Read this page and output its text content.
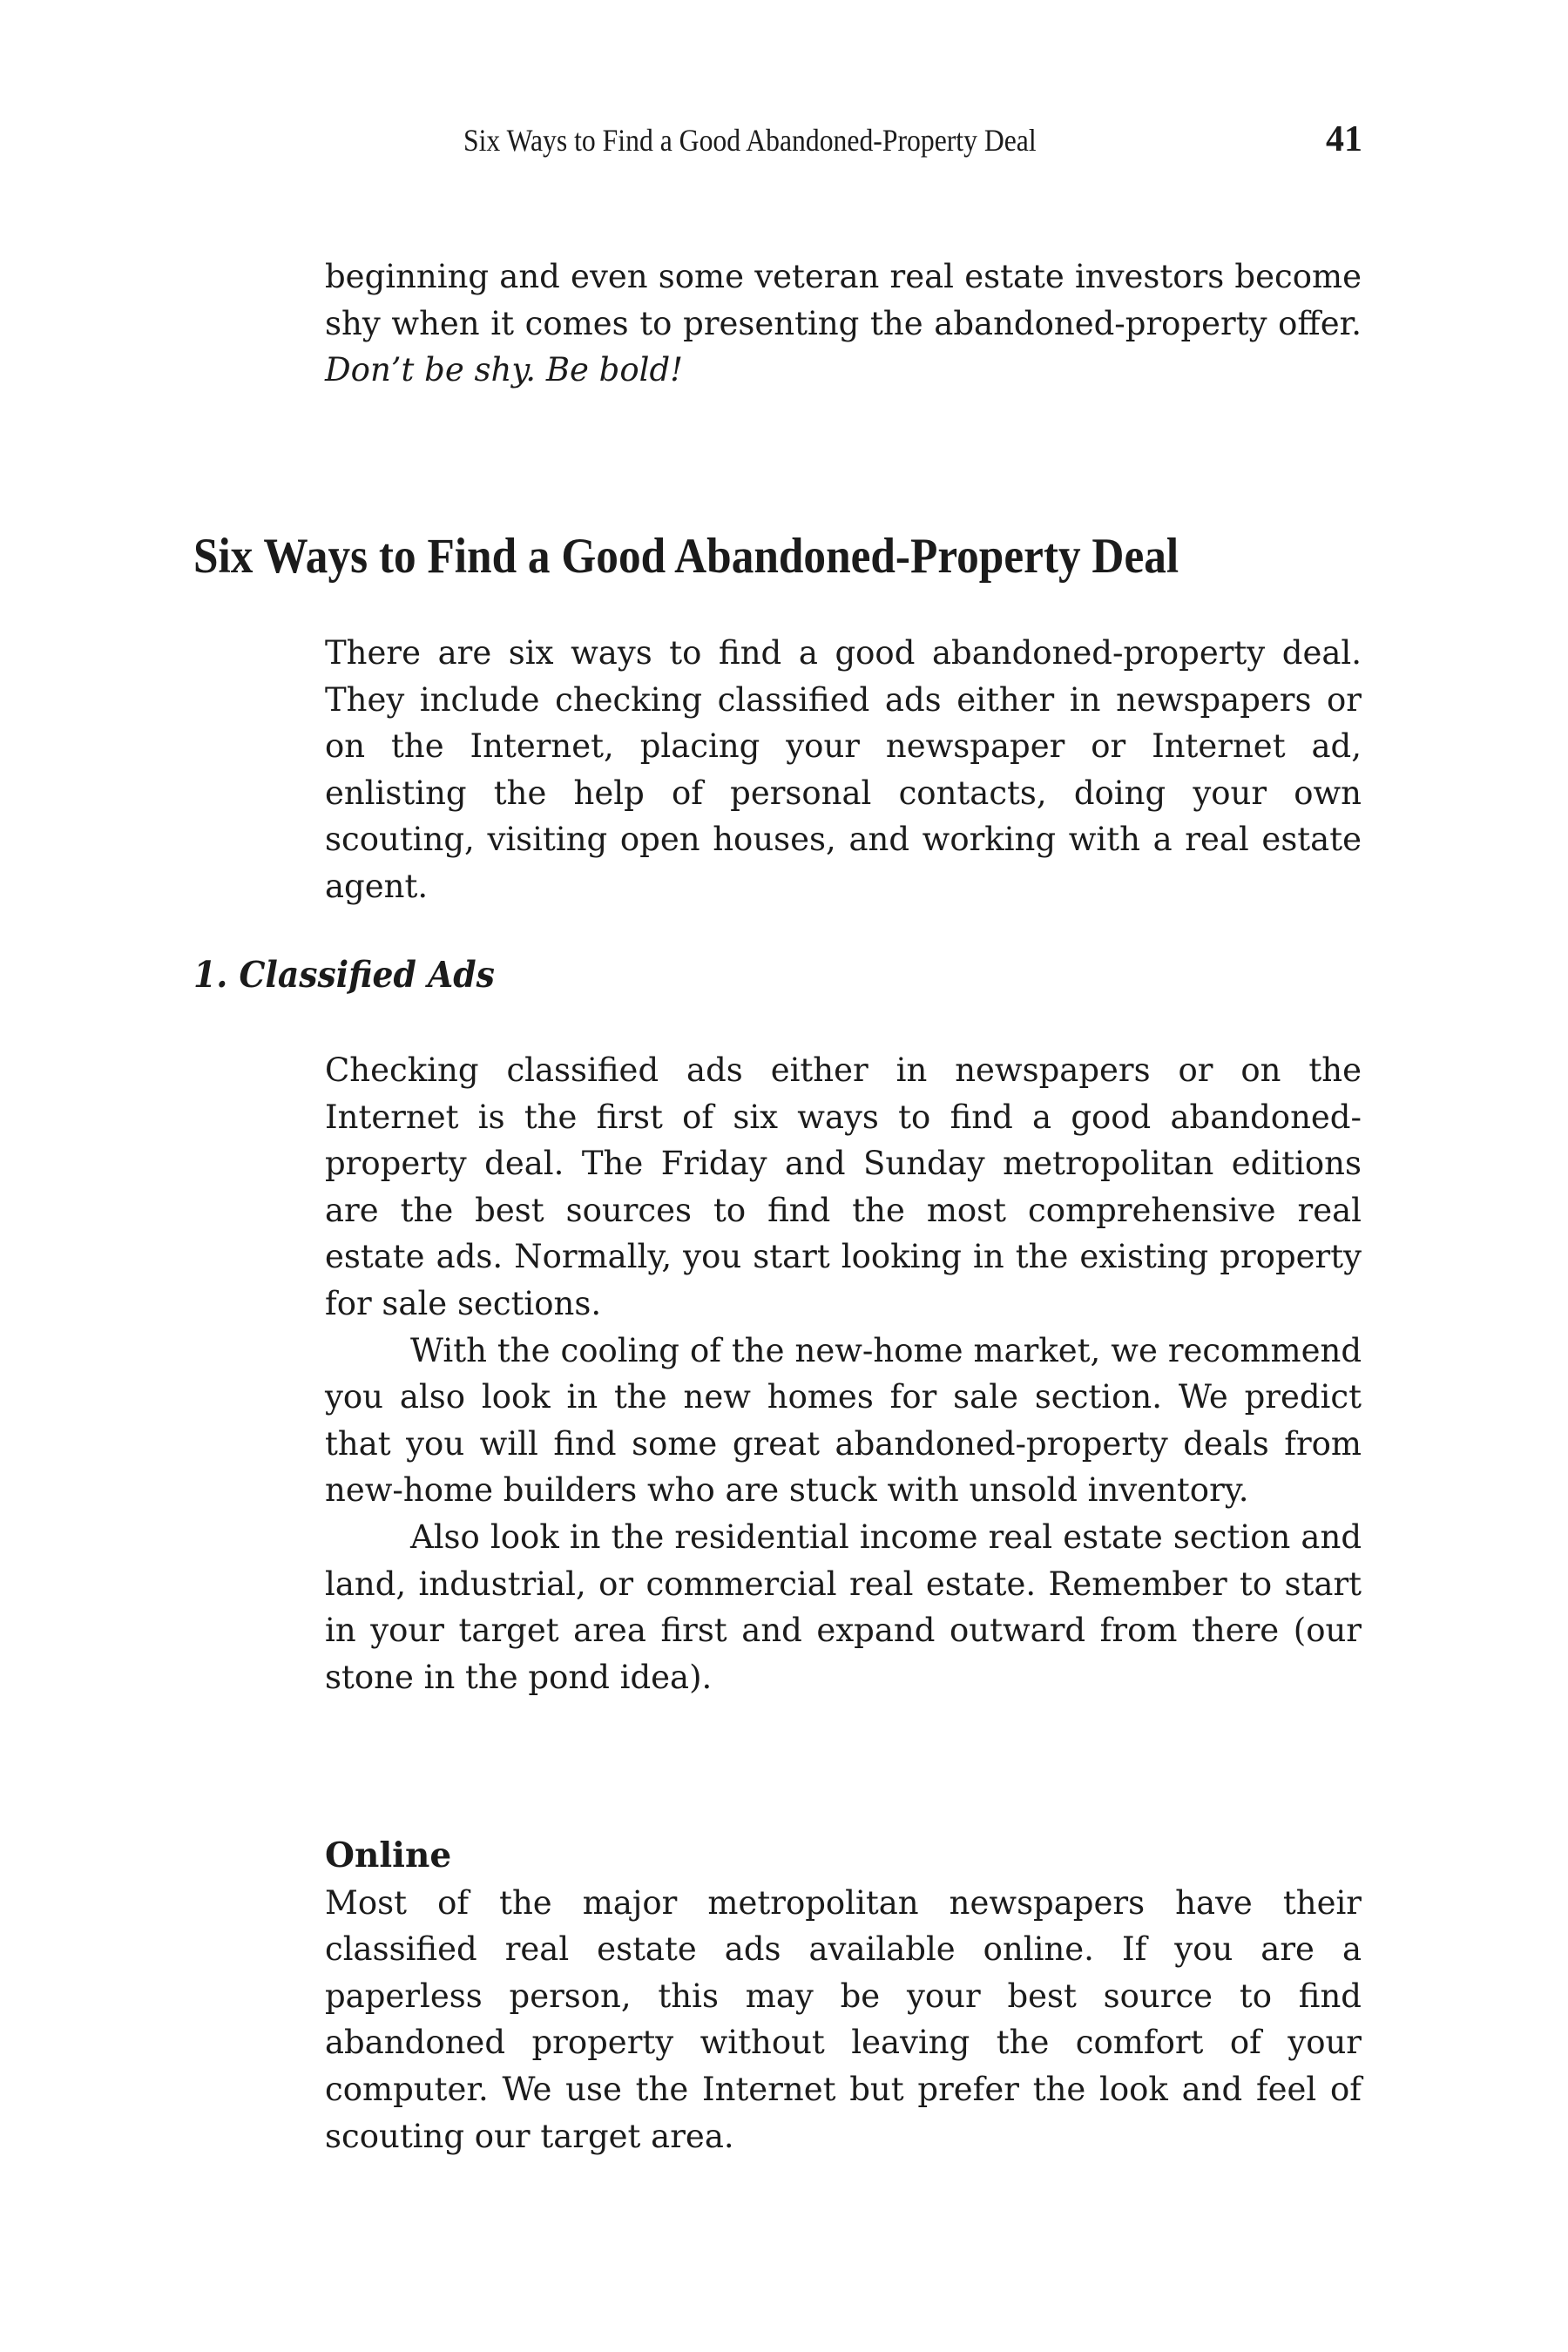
Six Ways to Find a Good Abandoned-Property Deal	41

beginning and even some veteran real estate investors become shy when it comes to presenting the abandoned-property offer. Don’t be shy. Be bold!

Six Ways to Find a Good Abandoned-Property Deal

There are six ways to find a good abandoned-property deal. They include checking classified ads either in newspapers or on the Internet, placing your newspaper or Internet ad, enlisting the help of personal contacts, doing your own scouting, visiting open houses, and working with a real estate agent.

1. Classified Ads

Checking classified ads either in newspapers or on the Internet is the first of six ways to find a good abandoned-property deal. The Friday and Sunday metropolitan editions are the best sources to find the most comprehensive real estate ads. Normally, you start looking in the existing property for sale sections.

With the cooling of the new-home market, we recommend you also look in the new homes for sale section. We predict that you will find some great abandoned-property deals from new-home builders who are stuck with unsold inventory.

Also look in the residential income real estate section and land, industrial, or commercial real estate. Remember to start in your target area first and expand outward from there (our stone in the pond idea).

Online

Most of the major metropolitan newspapers have their classified real estate ads available online. If you are a paperless person, this may be your best source to find abandoned property without leaving the comfort of your computer. We use the Internet but prefer the look and feel of scouting our target area.
